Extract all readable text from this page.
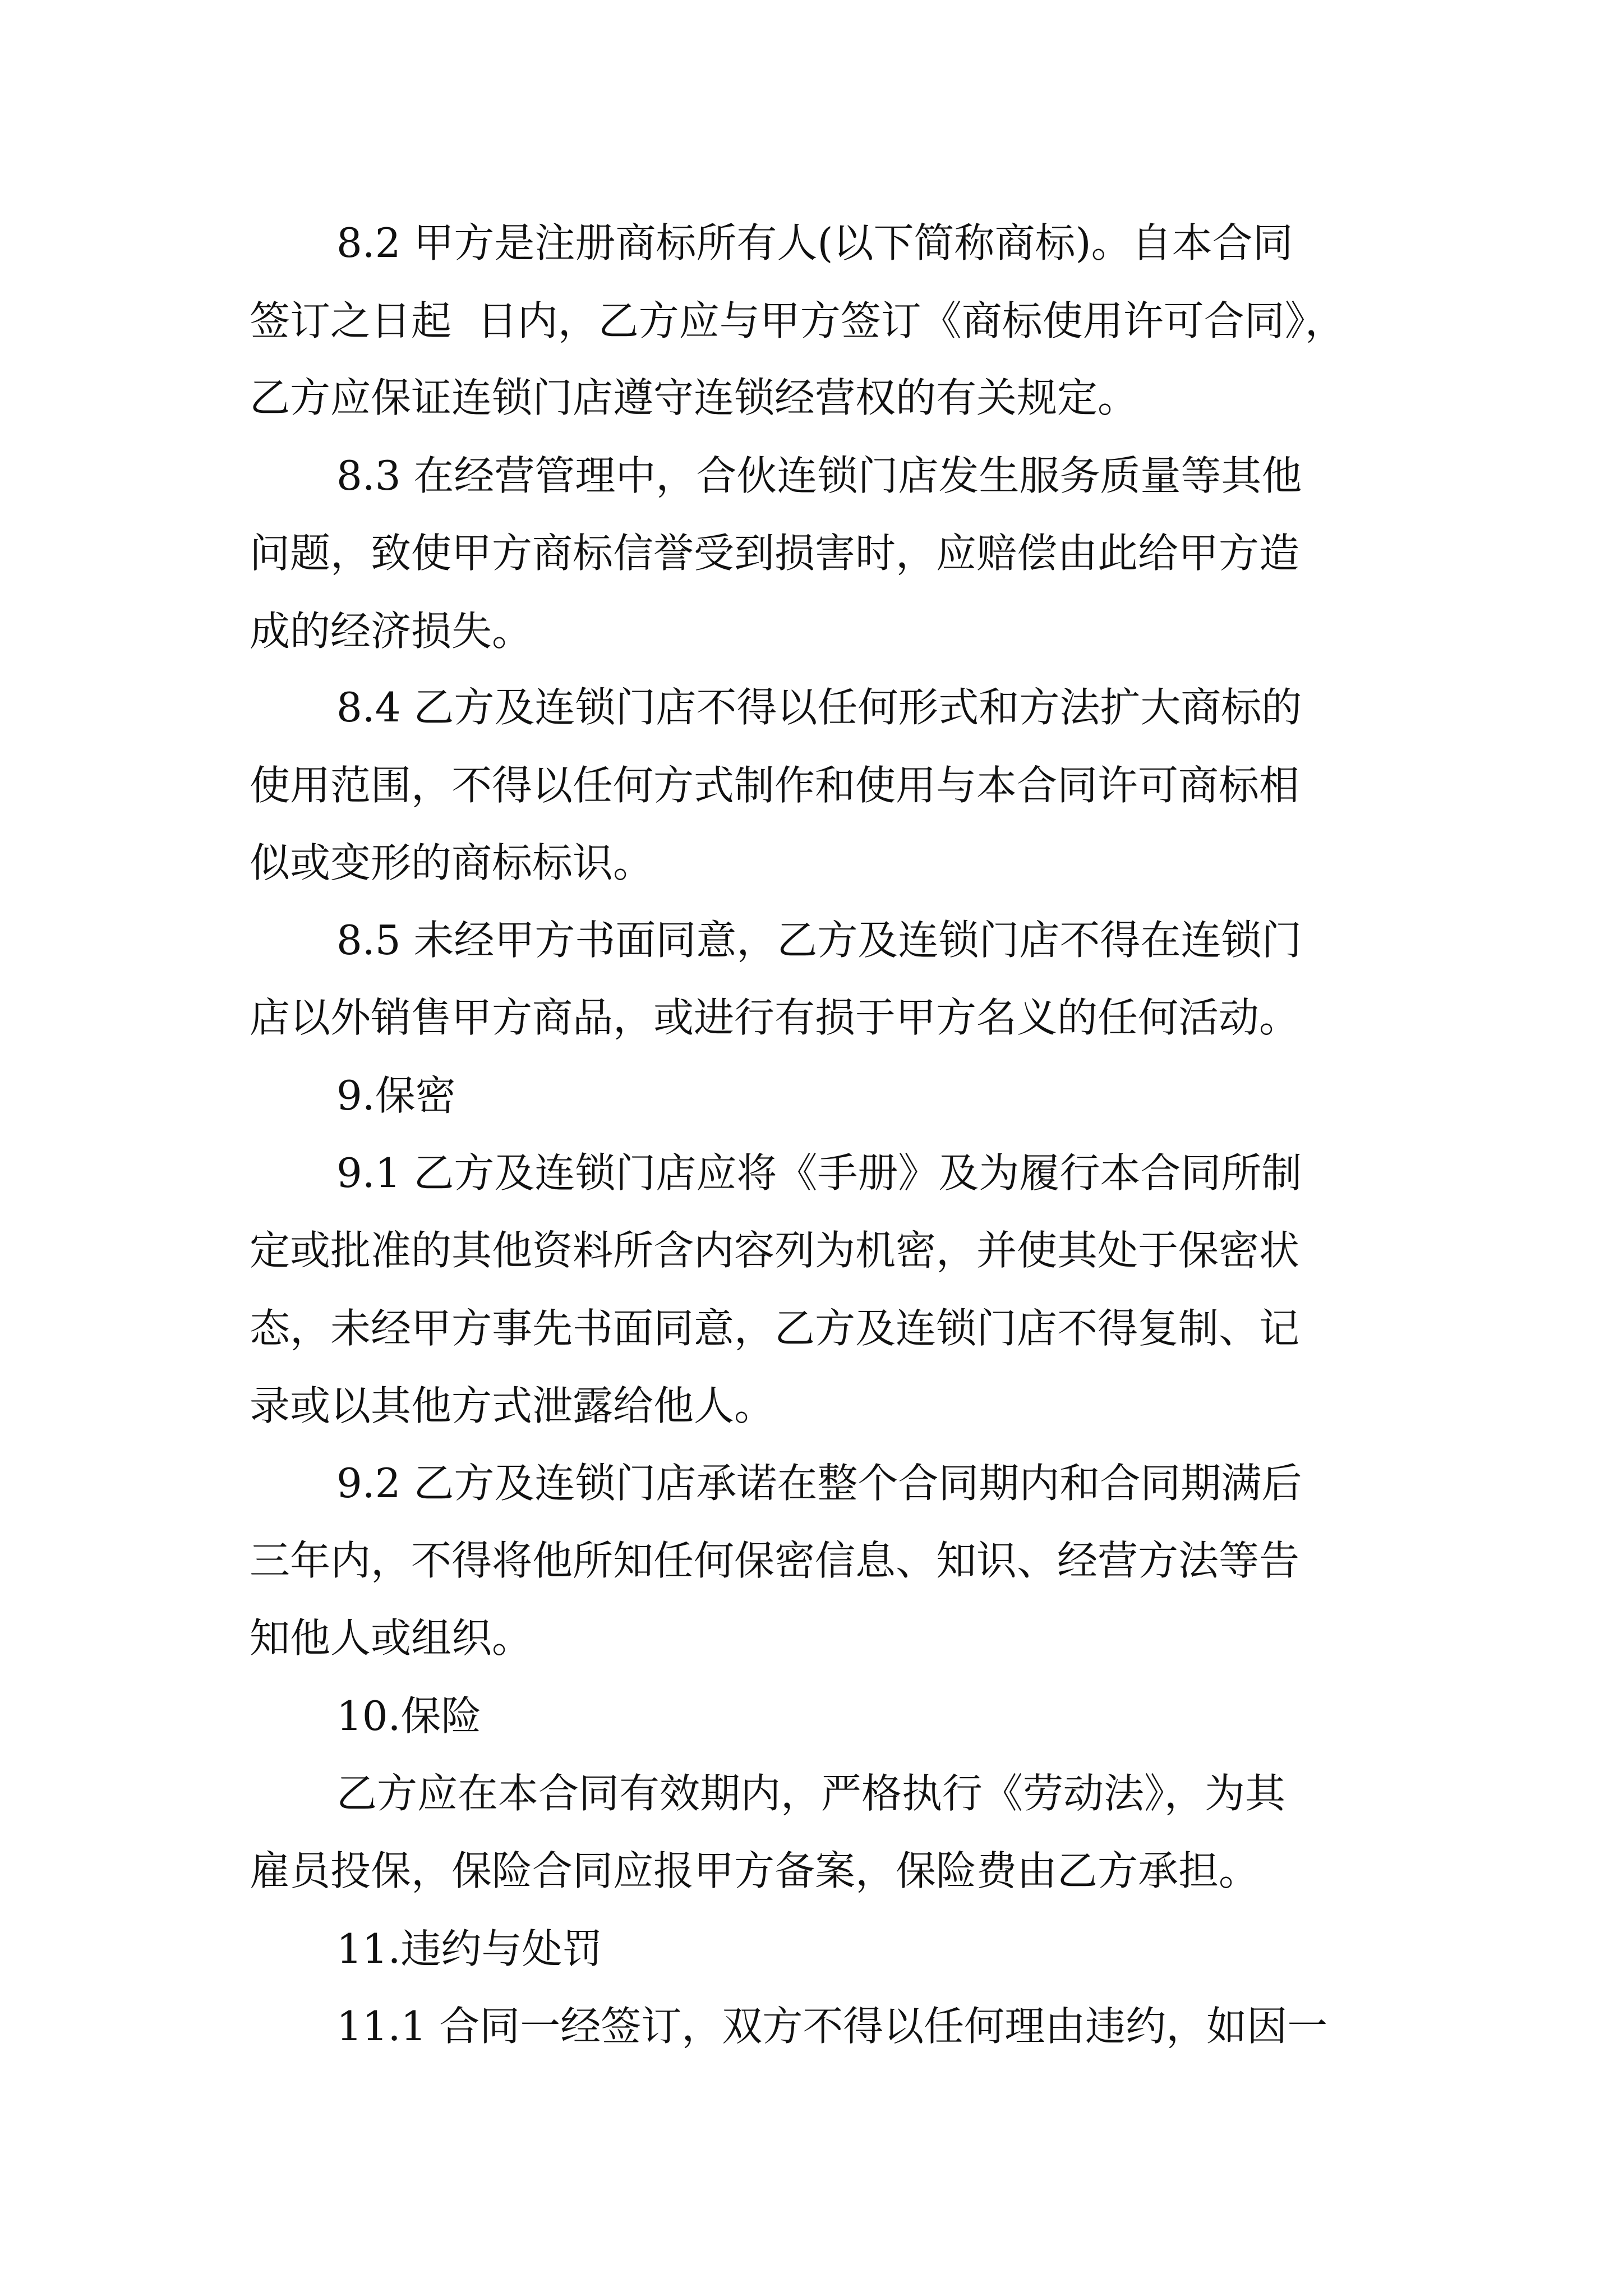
8.2 甲方是注册商标所有人(以下简称商标)。自本合同
签订之日起  日内，乙方应与甲方签订《商标使用许可合同》，
乙方应保证连锁门店遵守连锁经营权的有关规定。
8.3 在经营管理中，合伙连锁门店发生服务质量等其他
问题，致使甲方商标信誉受到损害时，应赔偿由此给甲方造
成的经济损失。
8.4 乙方及连锁门店不得以任何形式和方法扩大商标的
使用范围，不得以任何方式制作和使用与本合同许可商标相
似或变形的商标标识。
8.5 未经甲方书面同意，乙方及连锁门店不得在连锁门
店以外销售甲方商品，或进行有损于甲方名义的任何活动。
9.保密
9.1 乙方及连锁门店应将《手册》及为履行本合同所制
定或批准的其他资料所含内容列为机密，并使其处于保密状
态，未经甲方事先书面同意，乙方及连锁门店不得复制、记
录或以其他方式泄露给他人。
9.2 乙方及连锁门店承诺在整个合同期内和合同期满后
三年内，不得将他所知任何保密信息、知识、经营方法等告
知他人或组织。
10.保险
乙方应在本合同有效期内，严格执行《劳动法》，为其
雇员投保，保险合同应报甲方备案，保险费由乙方承担。
11.违约与处罚
11.1 合同一经签订，双方不得以任何理由违约，如因一
